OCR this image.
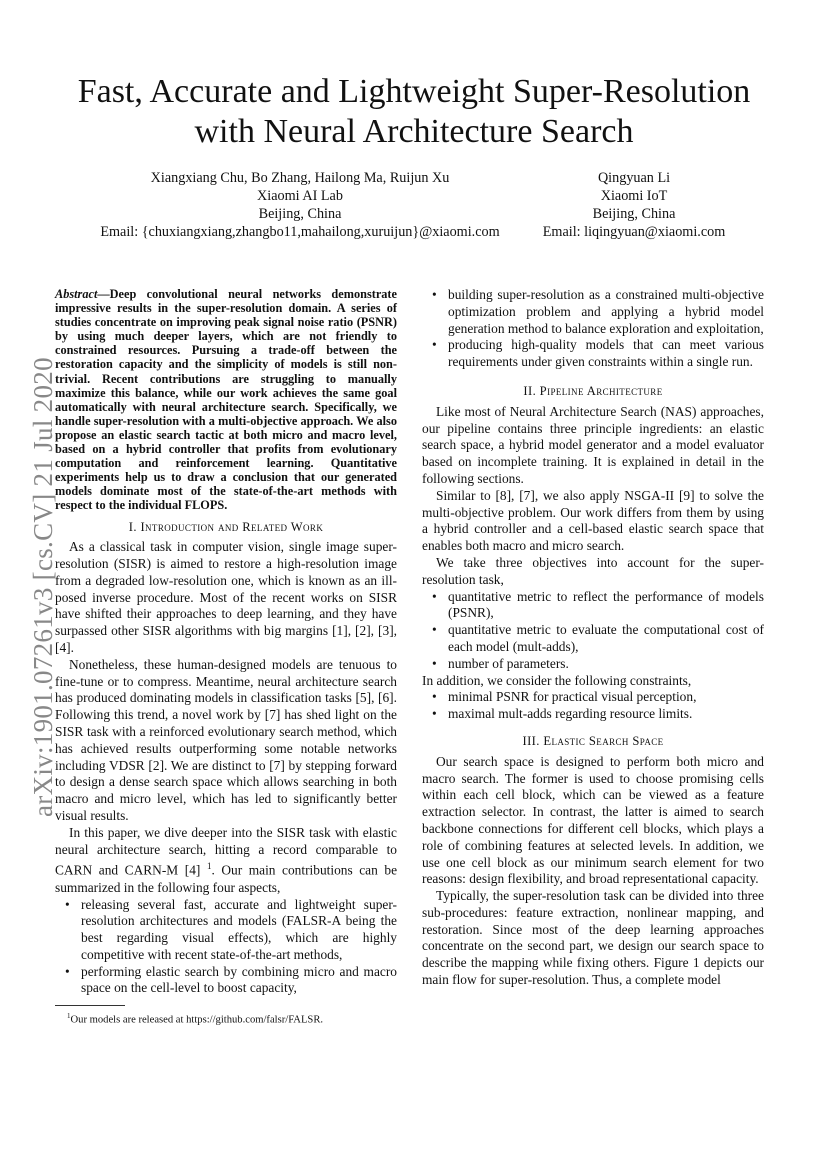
Fast, Accurate and Lightweight Super-Resolution
with Neural Architecture Search
Xiangxiang Chu, Bo Zhang, Hailong Ma, Ruijun Xu
Xiaomi AI Lab
Beijing, China
Email: {chuxiangxiang,zhangbo11,mahailong,xuruijun}@xiaomi.com
Qingyuan Li
Xiaomi IoT
Beijing, China
Email: liqingyuan@xiaomi.com
arXiv:1901.07261v3 [cs.CV] 21 Jul 2020

Abstract—Deep convolutional neural networks demonstrate impressive results in the super-resolution domain. A series of studies concentrate on improving peak signal noise ratio (PSNR) by using much deeper layers, which are not friendly to constrained resources. Pursuing a trade-off between the restoration capacity and the simplicity of models is still non-trivial. Recent contributions are struggling to manually maximize this balance, while our work achieves the same goal automatically with neural architecture search. Specifically, we handle super-resolution with a multi-objective approach. We also propose an elastic search tactic at both micro and macro level, based on a hybrid controller that profits from evolutionary computation and reinforcement learning. Quantitative experiments help us to draw a conclusion that our generated models dominate most of the state-of-the-art methods with respect to the individual FLOPS.

I. Introduction and Related Work

As a classical task in computer vision, single image super-resolution (SISR) is aimed to restore a high-resolution image from a degraded low-resolution one, which is known as an ill-posed inverse procedure. Most of the recent works on SISR have shifted their approaches to deep learning, and they have surpassed other SISR algorithms with big margins [1], [2], [3], [4].

Nonetheless, these human-designed models are tenuous to fine-tune or to compress. Meantime, neural architecture search has produced dominating models in classification tasks [5], [6]. Following this trend, a novel work by [7] has shed light on the SISR task with a reinforced evolutionary search method, which has achieved results outperforming some notable networks including VDSR [2]. We are distinct to [7] by stepping forward to design a dense search space which allows searching in both macro and micro level, which has led to significantly better visual results.

In this paper, we dive deeper into the SISR task with elastic neural architecture search, hitting a record comparable to CARN and CARN-M [4] $^1$. Our main contributions can be summarized in the following four aspects,

• releasing several fast, accurate and lightweight super-resolution architectures and models (FALSR-A being the best regarding visual effects), which are highly competitive with recent state-of-the-art methods,
• performing elastic search by combining micro and macro space on the cell-level to boost capacity,
$^1$Our models are released at https://github.com/falsr/FALSR.
• building super-resolution as a constrained multi-objective optimization problem and applying a hybrid model generation method to balance exploration and exploitation,
• producing high-quality models that can meet various requirements under given constraints within a single run.
II. Pipeline Architecture

Like most of Neural Architecture Search (NAS) approaches, our pipeline contains three principle ingredients: an elastic search space, a hybrid model generator and a model evaluator based on incomplete training. It is explained in detail in the following sections.

Similar to [8], [7], we also apply NSGA-II [9] to solve the multi-objective problem. Our work differs from them by using a hybrid controller and a cell-based elastic search space that enables both macro and micro search.

We take three objectives into account for the super-resolution task,

• quantitative metric to reflect the performance of models (PSNR),
• quantitative metric to evaluate the computational cost of each model (mult-adds),
• number of parameters.

In addition, we consider the following constraints,

• minimal PSNR for practical visual perception,
• maximal mult-adds regarding resource limits.
III. Elastic Search Space

Our search space is designed to perform both micro and macro search. The former is used to choose promising cells within each cell block, which can be viewed as a feature extraction selector. In contrast, the latter is aimed to search backbone connections for different cell blocks, which plays a role of combining features at selected levels. In addition, we use one cell block as our minimum search element for two reasons: design flexibility, and broad representational capacity.

Typically, the super-resolution task can be divided into three sub-procedures: feature extraction, nonlinear mapping, and restoration. Since most of the deep learning approaches concentrate on the second part, we design our search space to describe the mapping while fixing others. Figure 1 depicts our main flow for super-resolution. Thus, a complete model
